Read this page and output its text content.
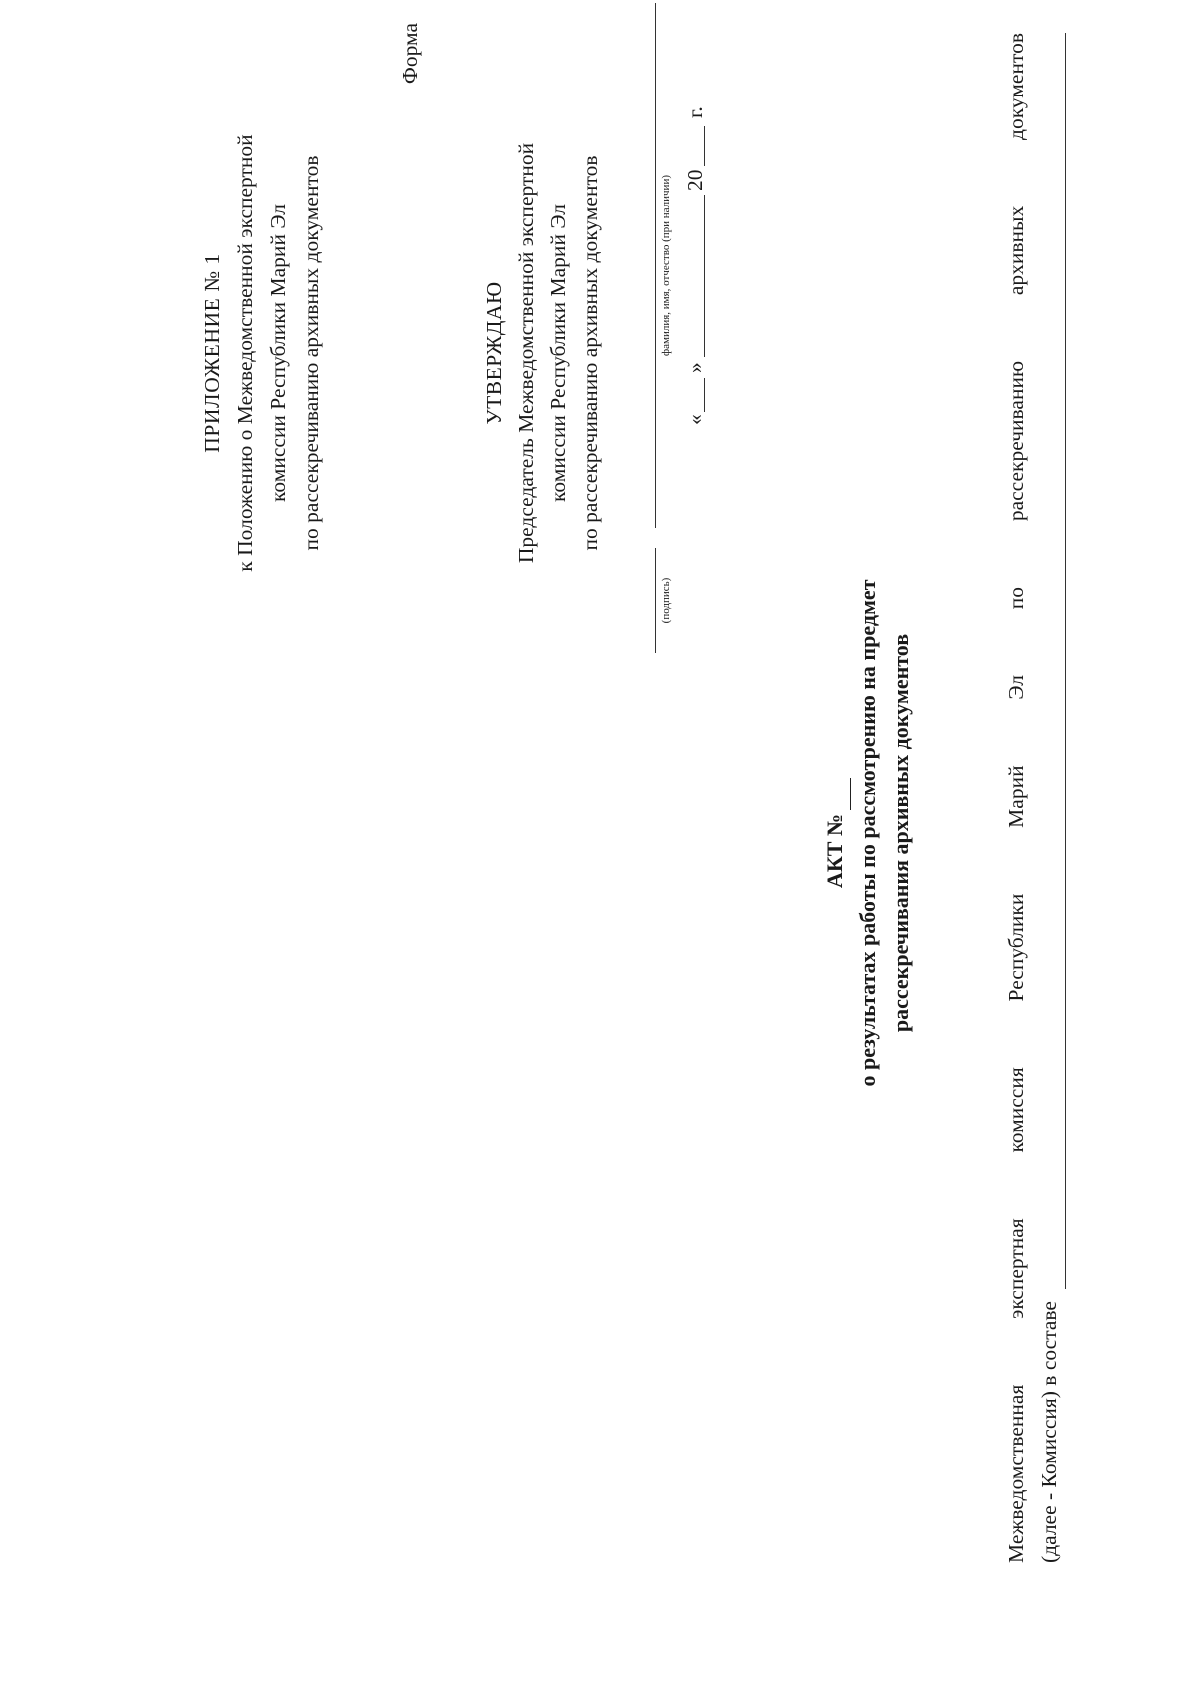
ПРИЛОЖЕНИЕ № 1 к Положению о Межведомственной экспертной комиссии Республики Марий Эл по рассекречиванию архивных документов
Форма
УТВЕРЖДАЮ Председатель Межведомственной экспертной комиссии Республики Марий Эл по рассекречиванию архивных документов
(подпись)
фамилия, имя, отчество (при наличии)
«
»
20
г.
АКТ № о результатах работы по рассмотрению на предмет рассекречивания архивных документов
Межведомственная
экспертная
комиссия
Республики
Марий
Эл
по
рассекречиванию
архивных
документов
(далее - Комиссия) в составе
